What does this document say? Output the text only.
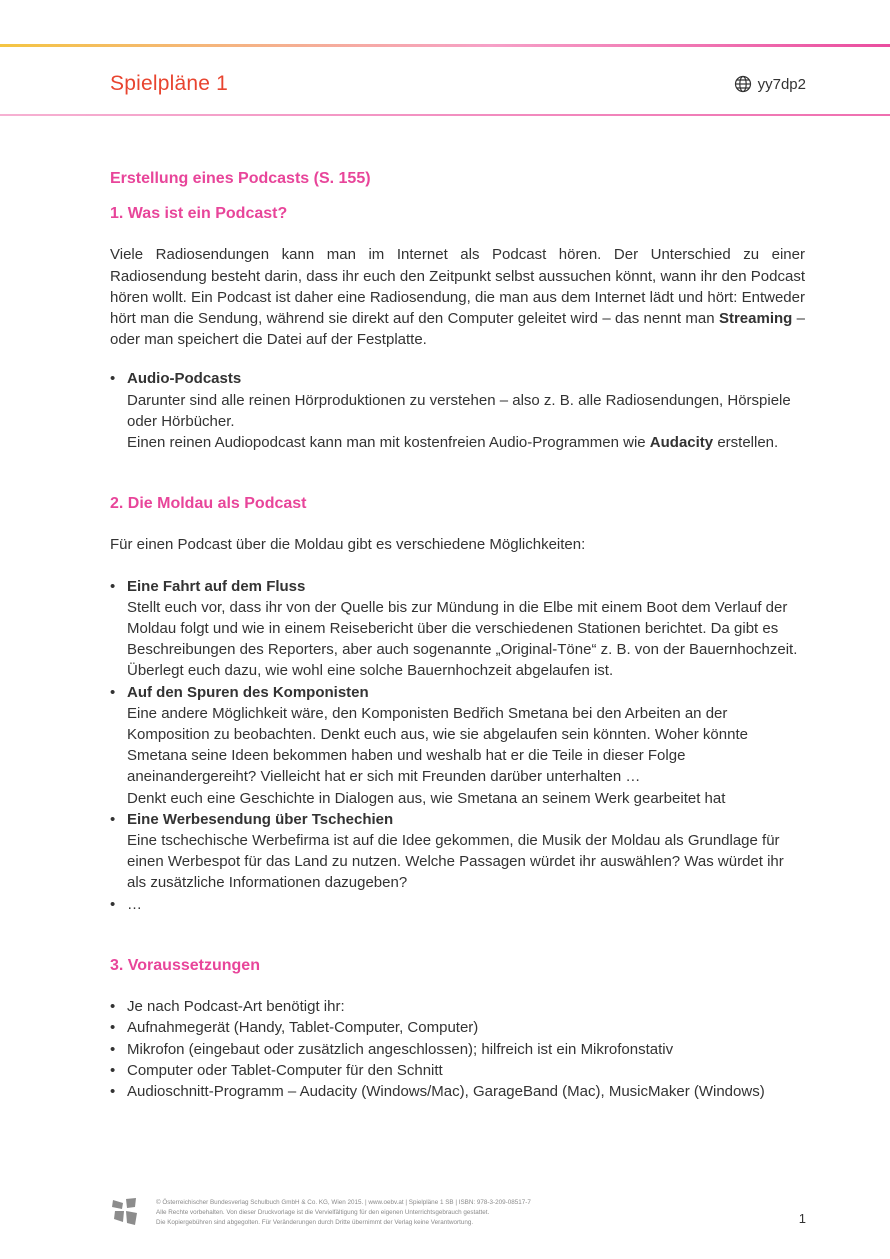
Spielpläne 1	yy7dp2
Erstellung eines Podcasts (S. 155)
1. Was ist ein Podcast?

Viele Radiosendungen kann man im Internet als Podcast hören. Der Unterschied zu einer Radiosendung besteht darin, dass ihr euch den Zeitpunkt selbst aussuchen könnt, wann ihr den Podcast hören wollt. Ein Podcast ist daher eine Radiosendung, die man aus dem Internet lädt und hört: Entweder hört man die Sendung, während sie direkt auf den Computer geleitet wird – das nennt man Streaming – oder man speichert die Datei auf der Festplatte.

• Audio-Podcasts
Darunter sind alle reinen Hörproduktionen zu verstehen – also z. B. alle Radiosendungen, Hörspiele oder Hörbücher.
Einen reinen Audiopodcast kann man mit kostenfreien Audio-Programmen wie Audacity erstellen.
2. Die Moldau als Podcast

Für einen Podcast über die Moldau gibt es verschiedene Möglichkeiten:

• Eine Fahrt auf dem Fluss
Stellt euch vor, dass ihr von der Quelle bis zur Mündung in die Elbe mit einem Boot dem Verlauf der Moldau folgt und wie in einem Reisebericht über die verschiedenen Stationen berichtet. Da gibt es Beschreibungen des Reporters, aber auch sogenannte „Original-Töne“ z. B. von der Bauernhochzeit. Überlegt euch dazu, wie wohl eine solche Bauernhochzeit abgelaufen ist.
• Auf den Spuren des Komponisten
Eine andere Möglichkeit wäre, den Komponisten Bedřich Smetana bei den Arbeiten an der Komposition zu beobachten. Denkt euch aus, wie sie abgelaufen sein könnten. Woher könnte Smetana seine Ideen bekommen haben und weshalb hat er die Teile in dieser Folge aneinandergereiht? Vielleicht hat er sich mit Freunden darüber unterhalten …
Denkt euch eine Geschichte in Dialogen aus, wie Smetana an seinem Werk gearbeitet hat
• Eine Werbesendung über Tschechien
Eine tschechische Werbefirma ist auf die Idee gekommen, die Musik der Moldau als Grundlage für einen Werbespot für das Land zu nutzen. Welche Passagen würdet ihr auswählen? Was würdet ihr als zusätzliche Informationen dazugeben?
• …
3. Voraussetzungen
• Je nach Podcast-Art benötigt ihr:
• Aufnahmegerät (Handy, Tablet-Computer, Computer)
• Mikrofon (eingebaut oder zusätzlich angeschlossen); hilfreich ist ein Mikrofonstativ
• Computer oder Tablet-Computer für den Schnitt
• Audioschnitt-Programm – Audacity (Windows/Mac), GarageBand (Mac), MusicMaker (Windows)
© Österreichischer Bundesverlag Schulbuch GmbH & Co. KG, Wien 2015. | www.oebv.at | Spielpläne 1 SB | ISBN: 978-3-209-08517-7
Alle Rechte vorbehalten. Von dieser Druckvorlage ist die Vervielfältigung für den eigenen Unterrichtsgebrauch gestattet.
Die Kopiergebühren sind abgegolten. Für Veränderungen durch Dritte übernimmt der Verlag keine Verantwortung.	1
